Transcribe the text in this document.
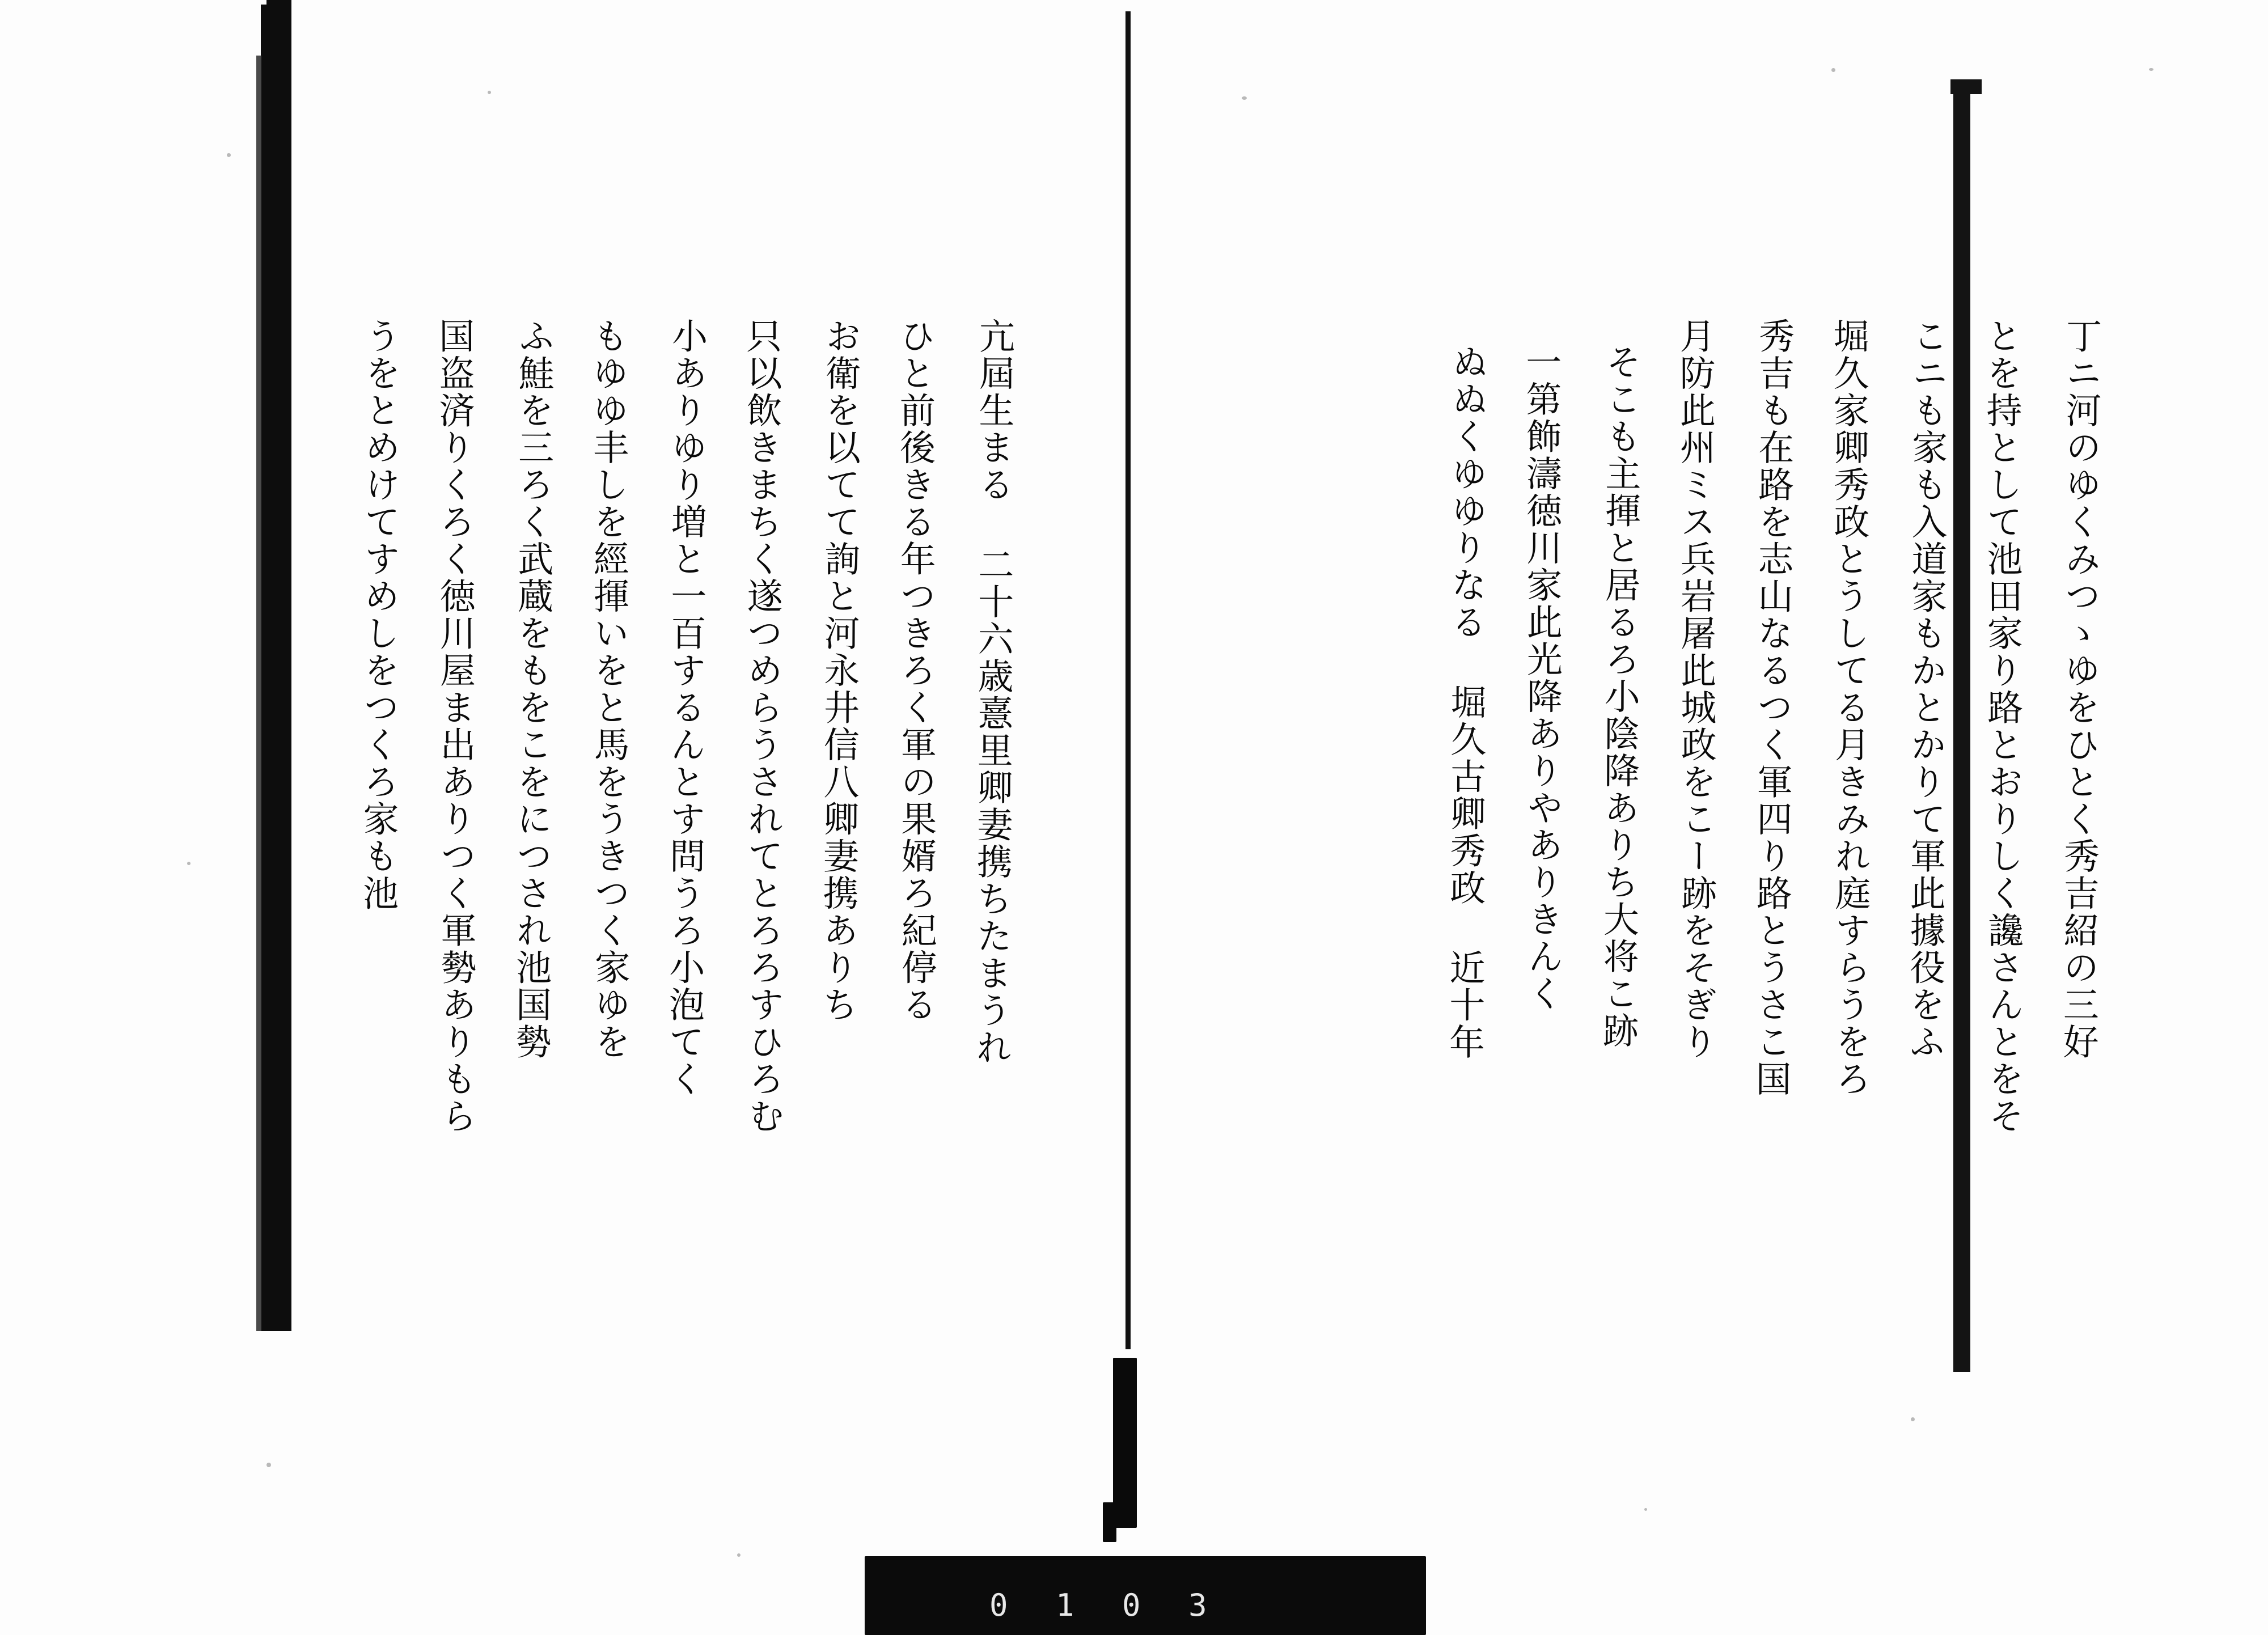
0 1 0 3
丁ニ河のゆくみつゝゆをひとく秀吉紹の三好 とを持として池田家り路とおりしく讒さんとをそ こニも家も入道家もかとかりて軍此據役をふ 堀久家卿秀政とうしてる月きみれ庭すらうをろ 秀吉も在路を志山なるつく軍四り路とうさこ国 月防此州ミス兵岩屠此城政をこー跡をそぎり そこも主揮と居るろ小陰降ありち大将こ跡 一第飾濤徳川家此光降ありやありきんく ぬぬくゆゆりなる 堀久古卿秀政 近十年
亢屆生まる 二十六歳憙里卿妻携ちたまうれ ひと前後きる年つきろく軍の果婿ろ紀停る お衛を以てて詢と河永井信八卿妻携ありち 只以飲きまちく遂つめらうされてとろろすひろむ 小ありゆり増と一百するんとす問うろ小泡てく もゆゆ丰しを經揮いをと馬をうきつく家ゆを ふ鮭を三ろく武蔵をもをこをにつされ池国勢 国盗済りくろく徳川屋ま出ありつく軍勢ありもら うをとめけてすめしをつくろ家も池
